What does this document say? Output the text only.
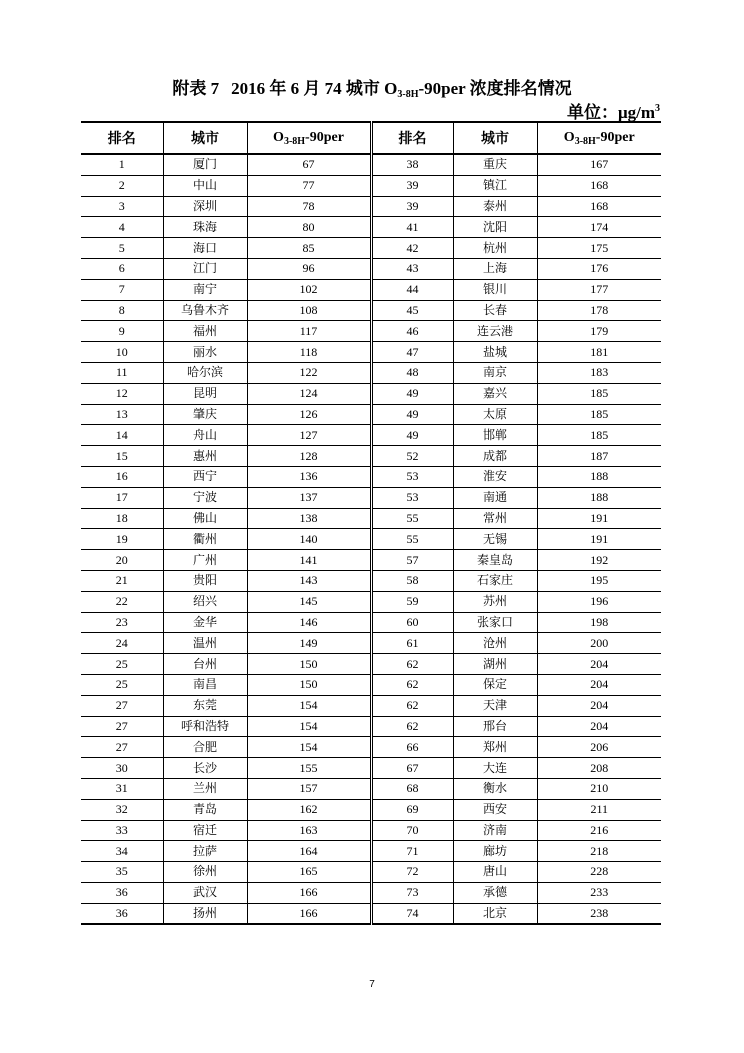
附表 7 2016 年 6 月 74 城市 $O_{3-8H}-90per$ 浓度排名情况
单位：$\mu g/m^3$
排名	城市	$O_{3-8H}-90per$	排名	城市	$O_{3-8H}-90per$
1	厦门	67	38	重庆	167
2	中山	77	39	镇江	168
3	深圳	78	39	泰州	168
4	珠海	80	41	沈阳	174
5	海口	85	42	杭州	175
6	江门	96	43	上海	176
7	南宁	102	44	银川	177
8	乌鲁木齐	108	45	长春	178
9	福州	117	46	连云港	179
10	丽水	118	47	盐城	181
11	哈尔滨	122	48	南京	183
12	昆明	124	49	嘉兴	185
13	肇庆	126	49	太原	185
14	舟山	127	49	邯郸	185
15	惠州	128	52	成都	187
16	西宁	136	53	淮安	188
17	宁波	137	53	南通	188
18	佛山	138	55	常州	191
19	衢州	140	55	无锡	191
20	广州	141	57	秦皇岛	192
21	贵阳	143	58	石家庄	195
22	绍兴	145	59	苏州	196
23	金华	146	60	张家口	198
24	温州	149	61	沧州	200
25	台州	150	62	湖州	204
25	南昌	150	62	保定	204
27	东莞	154	62	天津	204
27	呼和浩特	154	62	邢台	204
27	合肥	154	66	郑州	206
30	长沙	155	67	大连	208
31	兰州	157	68	衡水	210
32	青岛	162	69	西安	211
33	宿迁	163	70	济南	216
34	拉萨	164	71	廊坊	218
35	徐州	165	72	唐山	228
36	武汉	166	73	承德	233
36	扬州	166	74	北京	238
7
